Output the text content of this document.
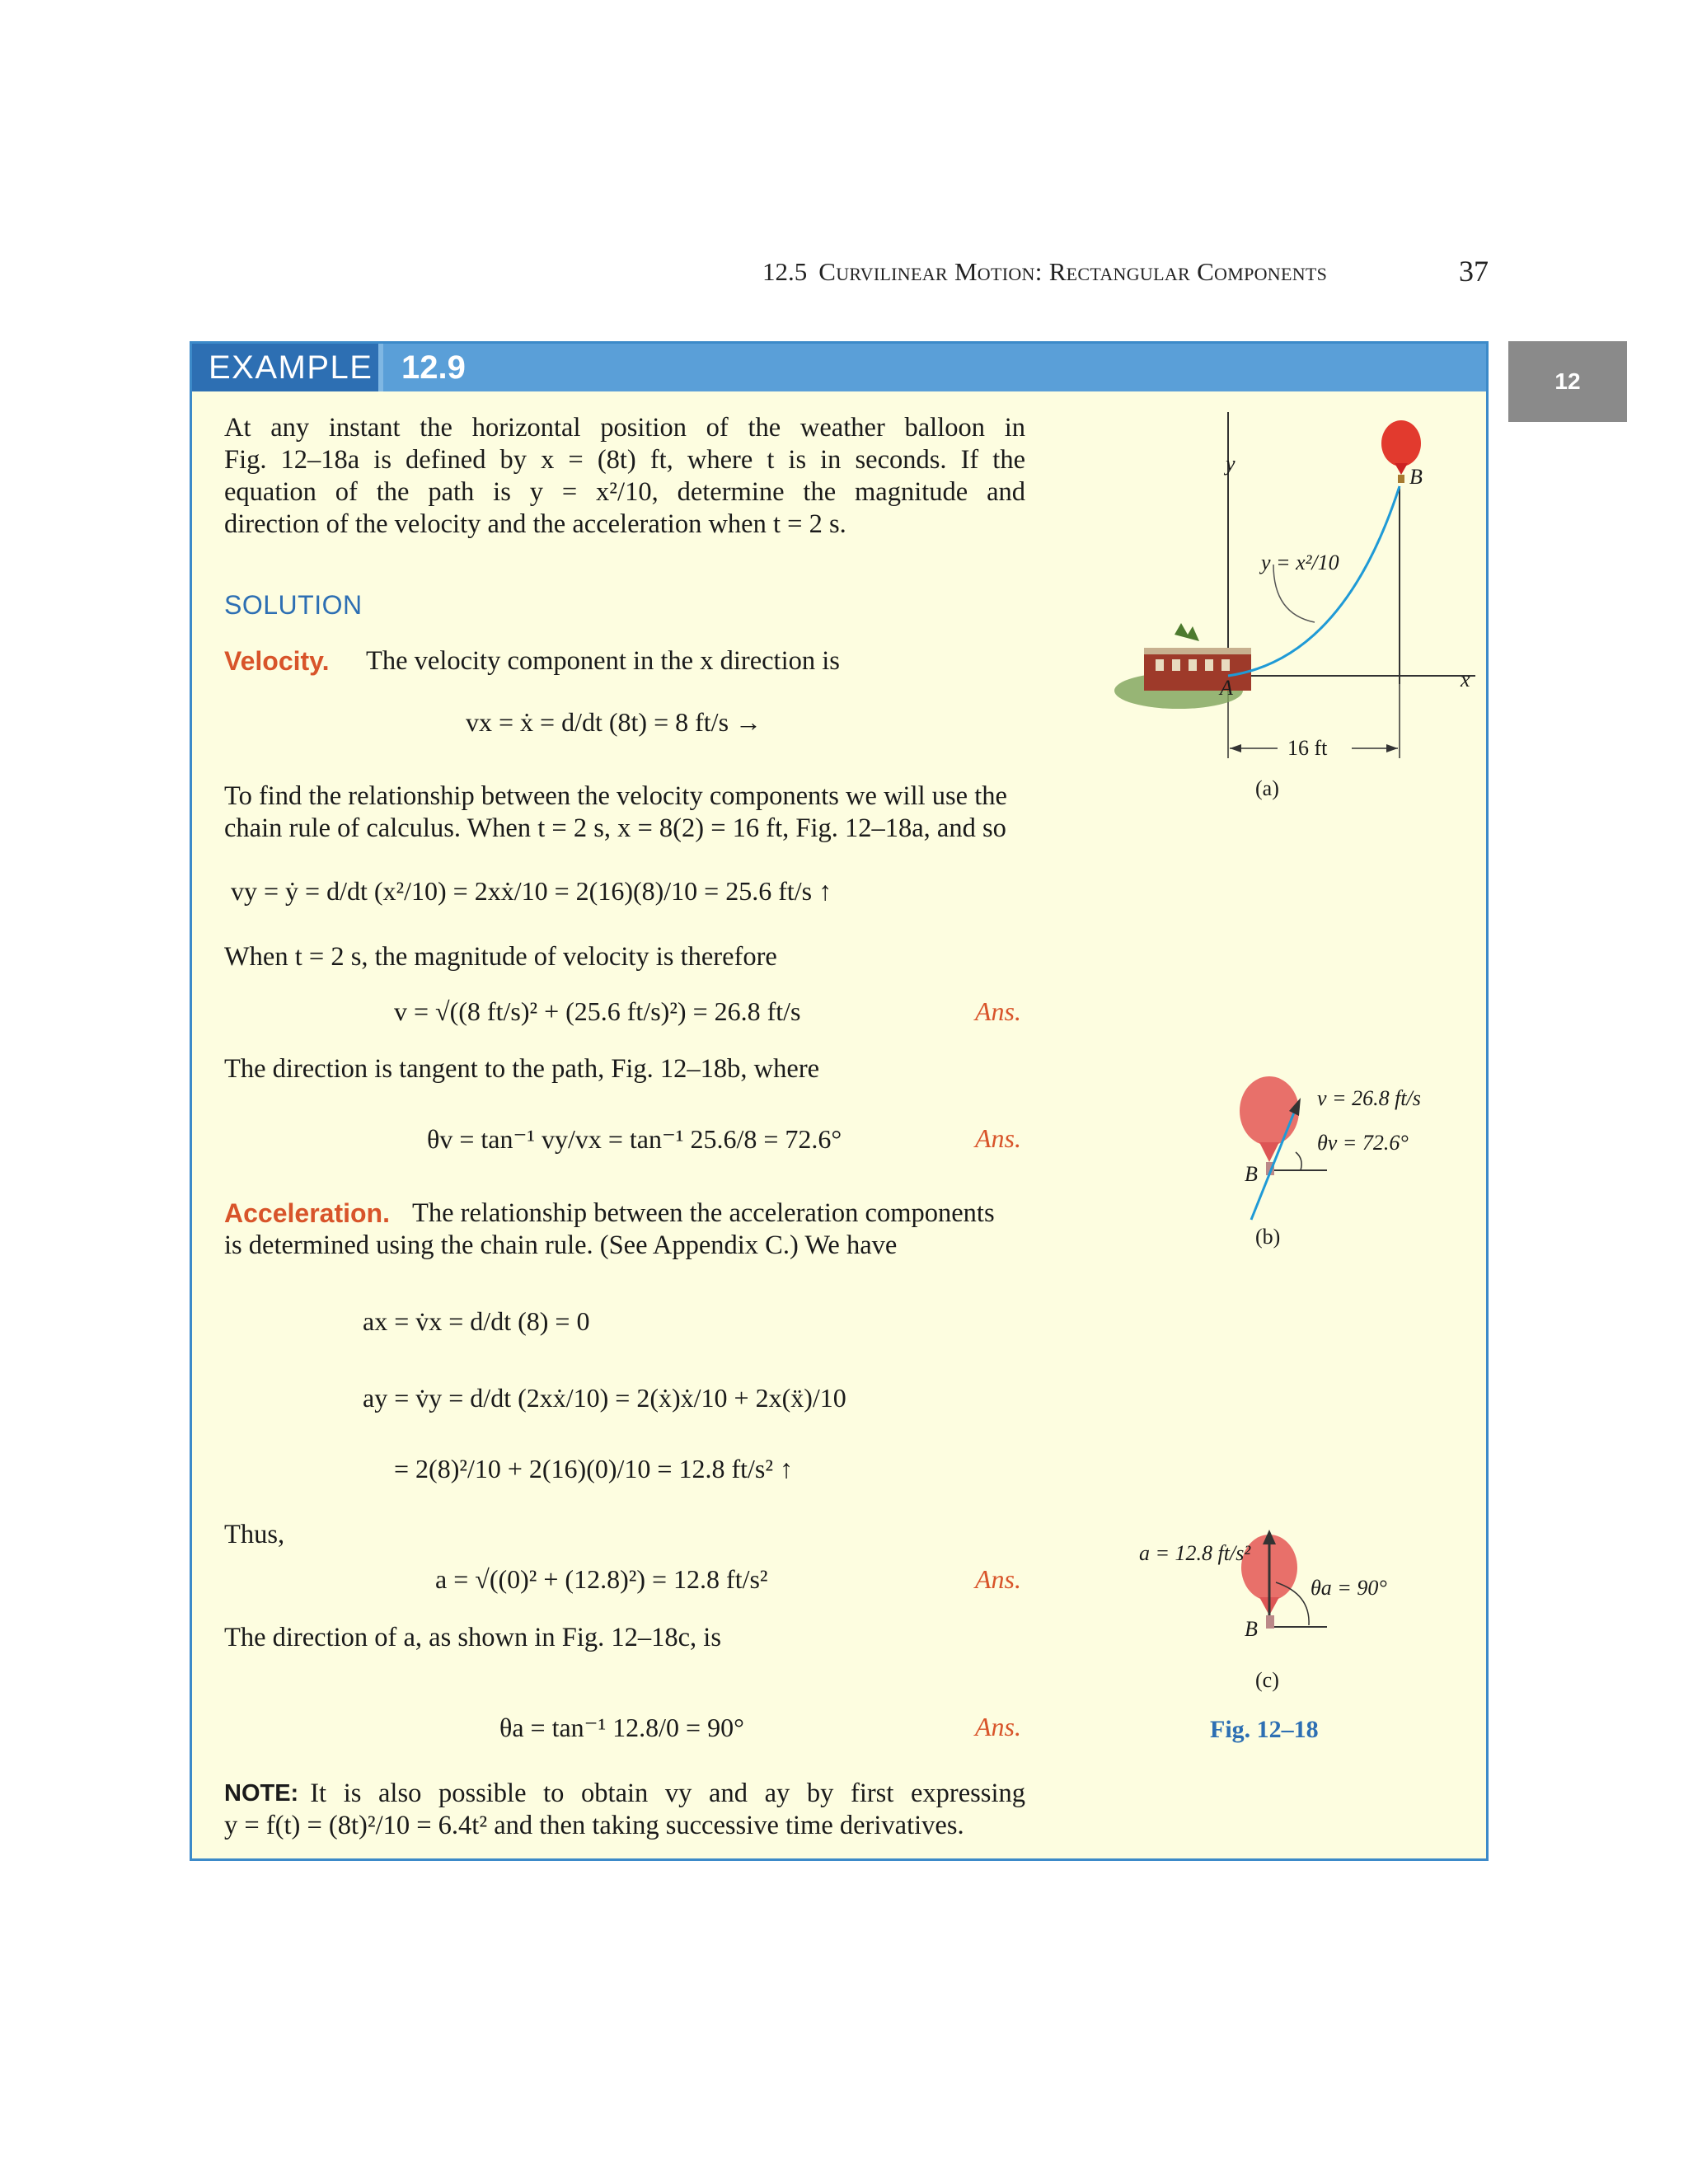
12.5 Curvilinear Motion: Rectangular Components	37
12
EXAMPLE 12.9
At any instant the horizontal position of the weather balloon in
Fig. 12–18a is defined by x = (8t) ft, where t is in seconds. If the
equation of the path is y = x²/10, determine the magnitude and
direction of the velocity and the acceleration when t = 2 s.
SOLUTION
Velocity. The velocity component in the x direction is
vx = ẋ = d/dt (8t) = 8 ft/s →
To find the relationship between the velocity components we will use the
chain rule of calculus. When t = 2 s, x = 8(2) = 16 ft, Fig. 12–18a, and so
vy = ẏ = d/dt (x²/10) = 2xẋ/10 = 2(16)(8)/10 = 25.6 ft/s ↑
When t = 2 s, the magnitude of velocity is therefore
v = √((8 ft/s)² + (25.6 ft/s)²) = 26.8 ft/s	Ans.
The direction is tangent to the path, Fig. 12–18b, where
θv = tan⁻¹ vy/vx = tan⁻¹ 25.6/8 = 72.6°	Ans.
Acceleration. The relationship between the acceleration components
is determined using the chain rule. (See Appendix C.) We have
ax = v̇x = d/dt (8) = 0
ay = v̇y = d/dt (2xẋ/10) = 2(ẋ)ẋ/10 + 2x(ẍ)/10
= 2(8)²/10 + 2(16)(0)/10 = 12.8 ft/s² ↑
Thus,
a = √((0)² + (12.8)²) = 12.8 ft/s²	Ans.
The direction of a, as shown in Fig. 12–18c, is
θa = tan⁻¹ 12.8/0 = 90°	Ans.
NOTE: It is also possible to obtain vy and ay by first expressing
y = f(t) = (8t)²/10 = 6.4t² and then taking successive time derivatives.
y
x
A
B
y = x²/10
16 ft
(a)
v = 26.8 ft/s
θv = 72.6°
B
(b)
a = 12.8 ft/s²
θa = 90°
B
(c)
Fig. 12–18
